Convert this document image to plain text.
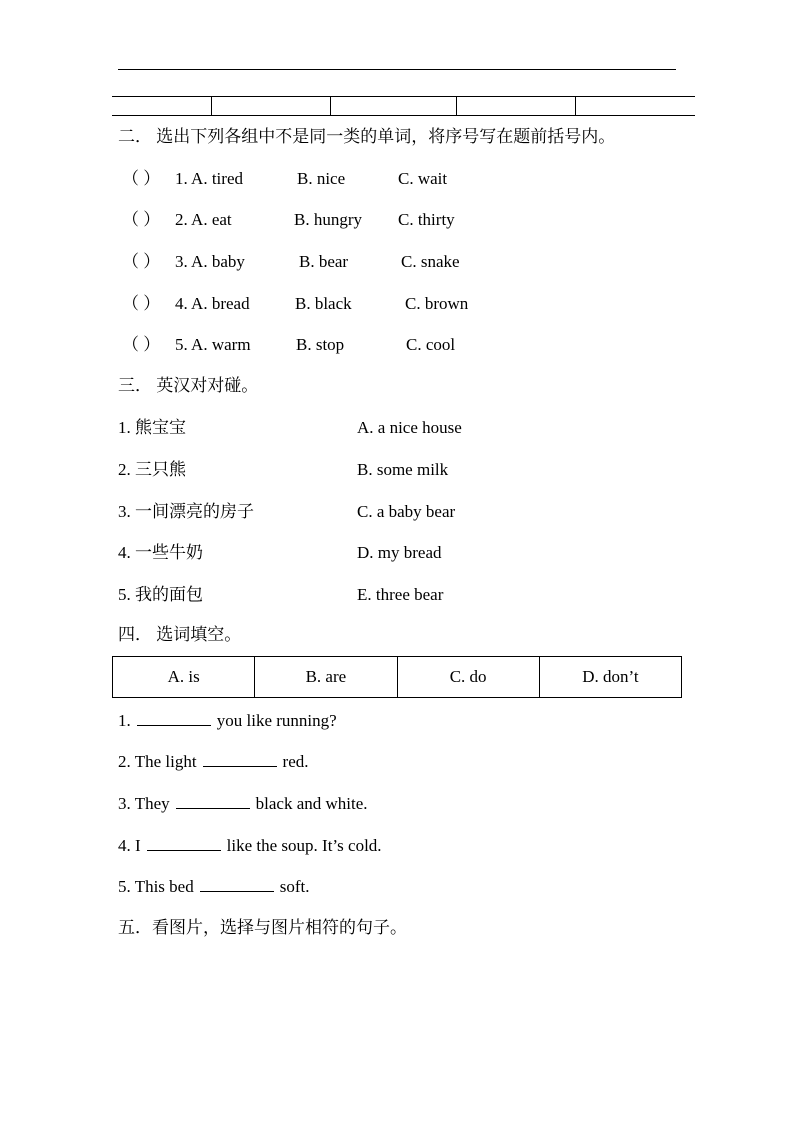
二． 选出下列各组中不是同一类的单词，将序号写在题前括号内。
（ ） 1. A. tired	B. nice	C. wait
（ ） 2. A. eat	B. hungry C. thirty
（ ） 3. A. baby	B. bear	C. snake
（ ） 4. A. bread	B. black	C. brown
（ ） 5. A. warm	B. stop	C. cool
三． 英汉对对碰。
1. 熊宝宝	A. a nice house
2. 三只熊	B. some milk
3. 一间漂亮的房子	C. a baby bear
4. 一些牛奶	D. my bread
5. 我的面包	E. three bear
四． 选词填空。
A. is	B. are	C. do	D. don’t
1.	you like running?
2. The light	red.
3. They	black and white.
4. I	like the soup. It’s cold.
5. This bed	soft.
五．看图片，选择与图片相符的句子。
